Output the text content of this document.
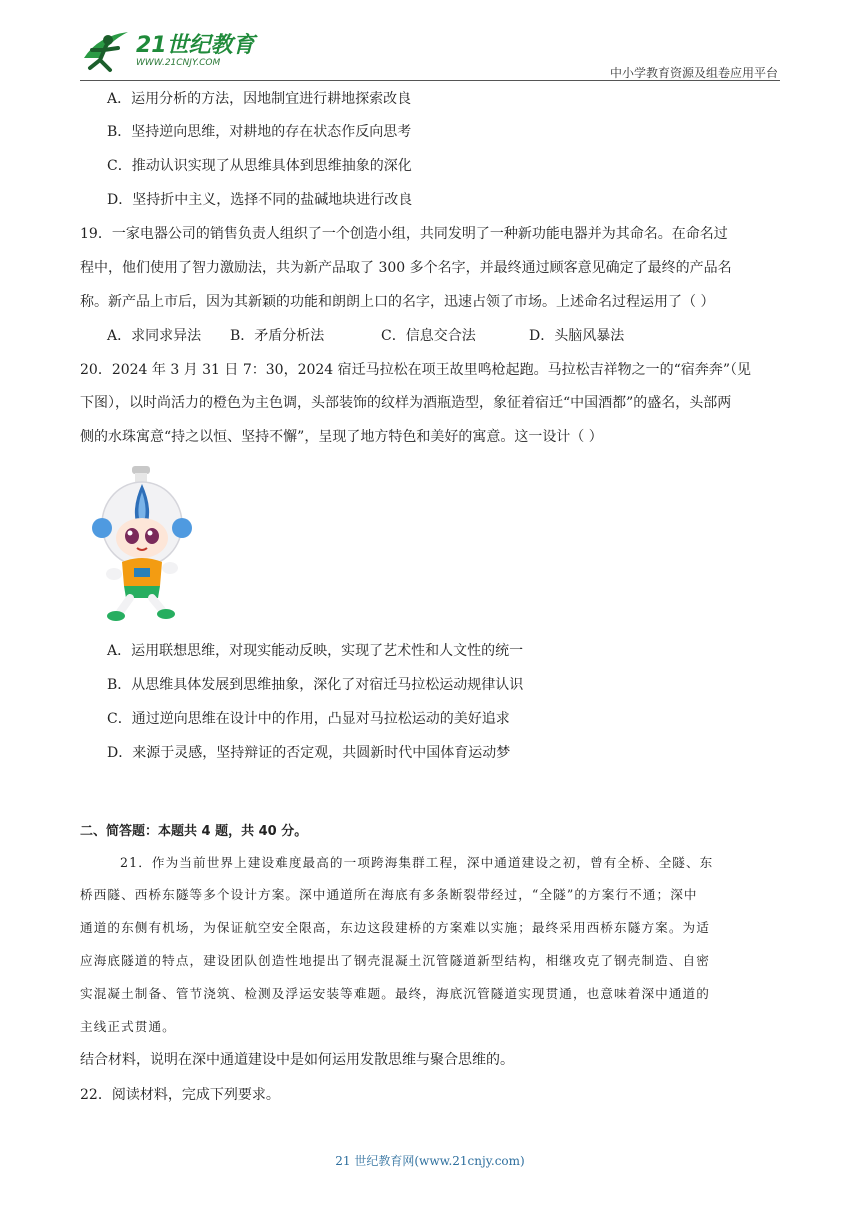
21世纪教育
WWW.21CNJY.COM
中小学教育资源及组卷应用平台
A．运用分析的方法，因地制宜进行耕地探索改良
B．坚持逆向思维，对耕地的存在状态作反向思考
C．推动认识实现了从思维具体到思维抽象的深化
D．坚持折中主义，选择不同的盐碱地块进行改良
19．一家电器公司的销售负责人组织了一个创造小组，共同发明了一种新功能电器并为其命名。在命名过
程中，他们使用了智力激励法，共为新产品取了 300 多个名字，并最终通过顾客意见确定了最终的产品名
称。新产品上市后，因为其新颖的功能和朗朗上口的名字，迅速占领了市场。上述命名过程运用了（ ）
A．求同求异法 B．矛盾分析法	C．信息交合法	D．头脑风暴法
20．2024 年 3 月 31 日 7：30，2024 宿迁马拉松在项王故里鸣枪起跑。马拉松吉祥物之一的“宿奔奔”（见
下图），以时尚活力的橙色为主色调，头部装饰的纹样为酒瓶造型，象征着宿迁“中国酒都”的盛名，头部两
侧的水珠寓意“持之以恒、坚持不懈”，呈现了地方特色和美好的寓意。这一设计（ ）
A．运用联想思维，对现实能动反映，实现了艺术性和人文性的统一
B．从思维具体发展到思维抽象，深化了对宿迁马拉松运动规律认识
C．通过逆向思维在设计中的作用，凸显对马拉松运动的美好追求
D．来源于灵感，坚持辩证的否定观，共圆新时代中国体育运动梦
二、简答题：本题共 4 题，共 40 分。
21．作为当前世界上建设难度最高的一项跨海集群工程，深中通道建设之初，曾有全桥、全隧、东
桥西隧、西桥东隧等多个设计方案。深中通道所在海底有多条断裂带经过，“全隧”的方案行不通；深中
通道的东侧有机场，为保证航空安全限高，东边这段建桥的方案难以实施；最终采用西桥东隧方案。为适
应海底隧道的特点，建设团队创造性地提出了钢壳混凝土沉管隧道新型结构，相继攻克了钢壳制造、自密
实混凝土制备、管节浇筑、检测及浮运安装等难题。最终，海底沉管隧道实现贯通，也意味着深中通道的
主线正式贯通。
结合材料，说明在深中通道建设中是如何运用发散思维与聚合思维的。
22．阅读材料，完成下列要求。
21 世纪教育网(www.21cnjy.com)
